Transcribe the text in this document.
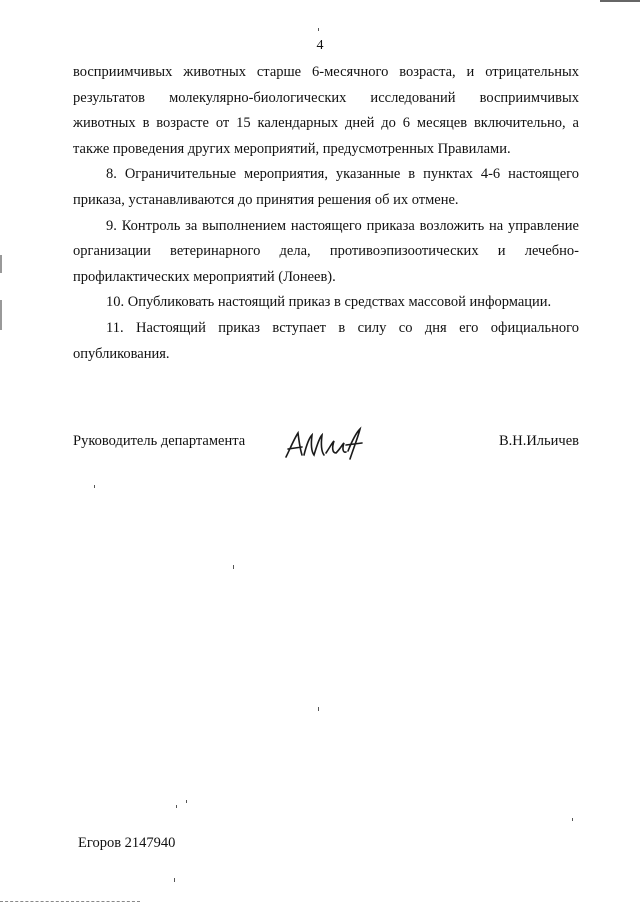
4

восприимчивых животных старше 6-месячного возраста, и отрицательных результатов молекулярно-биологических исследований восприимчивых животных в возрасте от 15 календарных дней до 6 месяцев включительно, а также проведения других мероприятий, предусмотренных Правилами.

8. Ограничительные мероприятия, указанные в пунктах 4-6 настоящего приказа, устанавливаются до принятия решения об их отмене.

9. Контроль за выполнением настоящего приказа возложить на управление организации ветеринарного дела, противоэпизоотических и лечебно-профилактических мероприятий (Лонеев).

10. Опубликовать настоящий приказ в средствах массовой информации.

11. Настоящий приказ вступает в силу со дня его официального опубликования.

Руководитель департамента	В.Н.Ильичев
Егоров 2147940
